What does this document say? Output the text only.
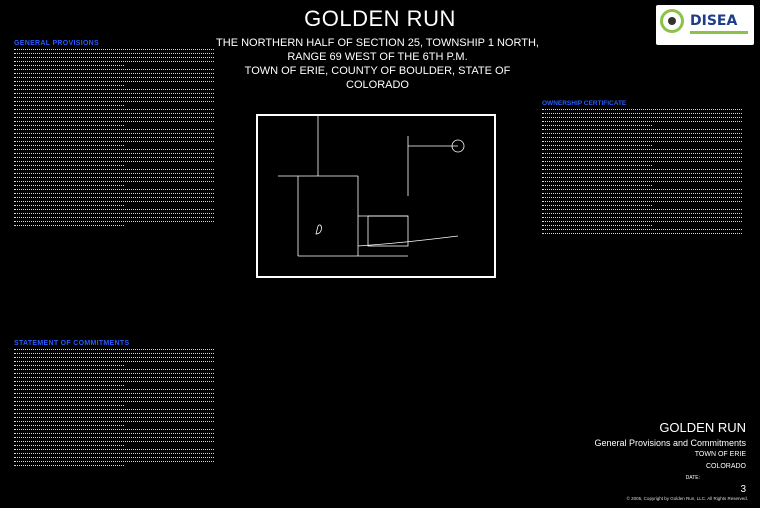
GOLDEN RUN
THE NORTHERN HALF OF SECTION 25, TOWNSHIP 1 NORTH,
RANGE 69 WEST OF THE 6TH P.M.
TOWN OF ERIE, COUNTY OF BOULDER, STATE OF
COLORADO
DISEA
GENERAL PROVISIONS
STATEMENT OF COMMITMENTS
OWNERSHIP CERTIFICATE
GOLDEN RUN
General Provisions and Commitments
TOWN OF ERIE
COLORADO
DATE:
3
© 2005, Copyright by Golden Run, LLC. All Rights Reserved.
